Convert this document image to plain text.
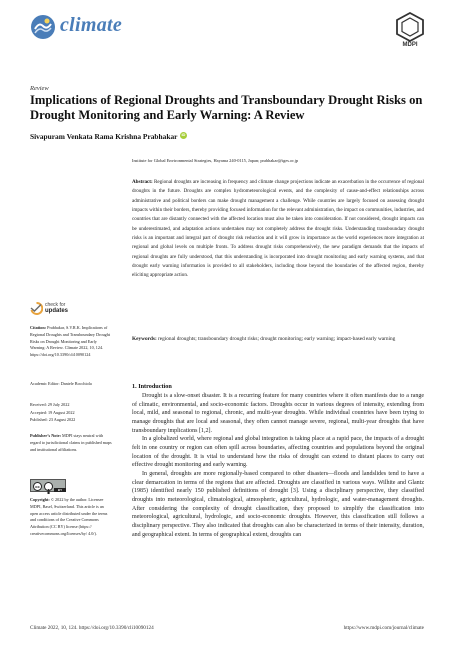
climate
MDPI
Review
Implications of Regional Droughts and Transboundary Drought Risks on Drought Monitoring and Early Warning: A Review
Sivapuram Venkata Rama Krishna PrabhakariD
Institute for Global Environmental Strategies, Hayama 240-0115, Japan; prabhakar@iges.or.jp
Abstract: Regional droughts are increasing in frequency and climate change projections indicate an exacerbation in the occurrence of regional droughts in the future. Droughts are complex hydrometeorological events, and the complexity of cause-and-effect relationships across administrative and political borders can make drought management a challenge. While countries are largely focused on assessing drought impacts within their borders, thereby providing focused information for the relevant administration, the impact on communities, industries, and countries that are distantly connected with the affected location must also be taken into consideration. If not considered, drought impacts can be underestimated, and adaptation actions undertaken may not completely address the drought risks. Understanding transboundary drought risks is an important and integral part of drought risk reduction and it will grow in importance as the world experiences more integration at regional and global levels on multiple fronts. To address drought risks comprehensively, the new paradigm demands that the impacts of regional droughts are fully understood, that this understanding is incorporated into drought monitoring and early warning systems, and that drought early warning information is provided to all stakeholders, including those beyond the boundaries of the affected region, thereby eliciting appropriate action.
Keywords: regional droughts; transboundary drought risks; drought monitoring; early warning; impact-based early warning
check for
updates
Citation: Prabhakar, S.V.R.K. Implications of Regional Droughts and Transboundary Drought Risks on Drought Monitoring and Early Warning: A Review. Climate 2022, 10, 124. https://doi.org/10.3390/cli10090124
Academic Editor: Daniele Bocchiola
Received: 29 July 2022
Accepted: 19 August 2022
Published: 23 August 2022
Publisher’s Note: MDPI stays neutral with regard to jurisdictional claims in published maps and institutional affiliations.
cc
BY
Copyright: © 2022 by the author. Licensee MDPI, Basel, Switzerland. This article is an open access article distributed under the terms and conditions of the Creative Commons Attribution (CC BY) license (https:// creativecommons.org/licenses/by/ 4.0/).
1. Introduction

Drought is a slow-onset disaster. It is a recurring feature for many countries where it often manifests due to a range of climatic, environmental, and socio-economic factors. Droughts occur in various degrees of intensity, extending from local, mild, and seasonal to regional, chronic, and multi-year droughts. While individual countries have been trying to manage droughts that are local and seasonal, they often cannot manage severe, regional, multi-year droughts that have transboundary implications [1,2].

In a globalized world, where regional and global integration is taking place at a rapid pace, the impacts of a drought felt in one country or region can often spill across boundaries, affecting countries and populations beyond the original location of the drought. It is vital to understand how the risks of drought can extend to distant places to carry out effective drought monitoring and early warning.

In general, droughts are more regionally-based compared to other disasters—floods and landslides tend to have a clear demarcation in terms of the regions that are affected. Droughts are classified in various ways. Wilhite and Glantz (1985) identified nearly 150 published definitions of drought [3]. Using a disciplinary perspective, they classified droughts into meteorological, climatological, atmospheric, agricultural, hydrologic, and water-management droughts. After considering the complexity of drought classification, they proposed to simplify the classification into meteorological, agricultural, hydrologic, and socio-economic droughts. However, this classification still follows a disciplinary perspective. They also indicated that droughts can also be characterized in terms of their intensity, duration, and geographical extent. In terms of geographical extent, droughts can

Climate 2022, 10, 124. https://doi.org/10.3390/cli10090124	https://www.mdpi.com/journal/climate
